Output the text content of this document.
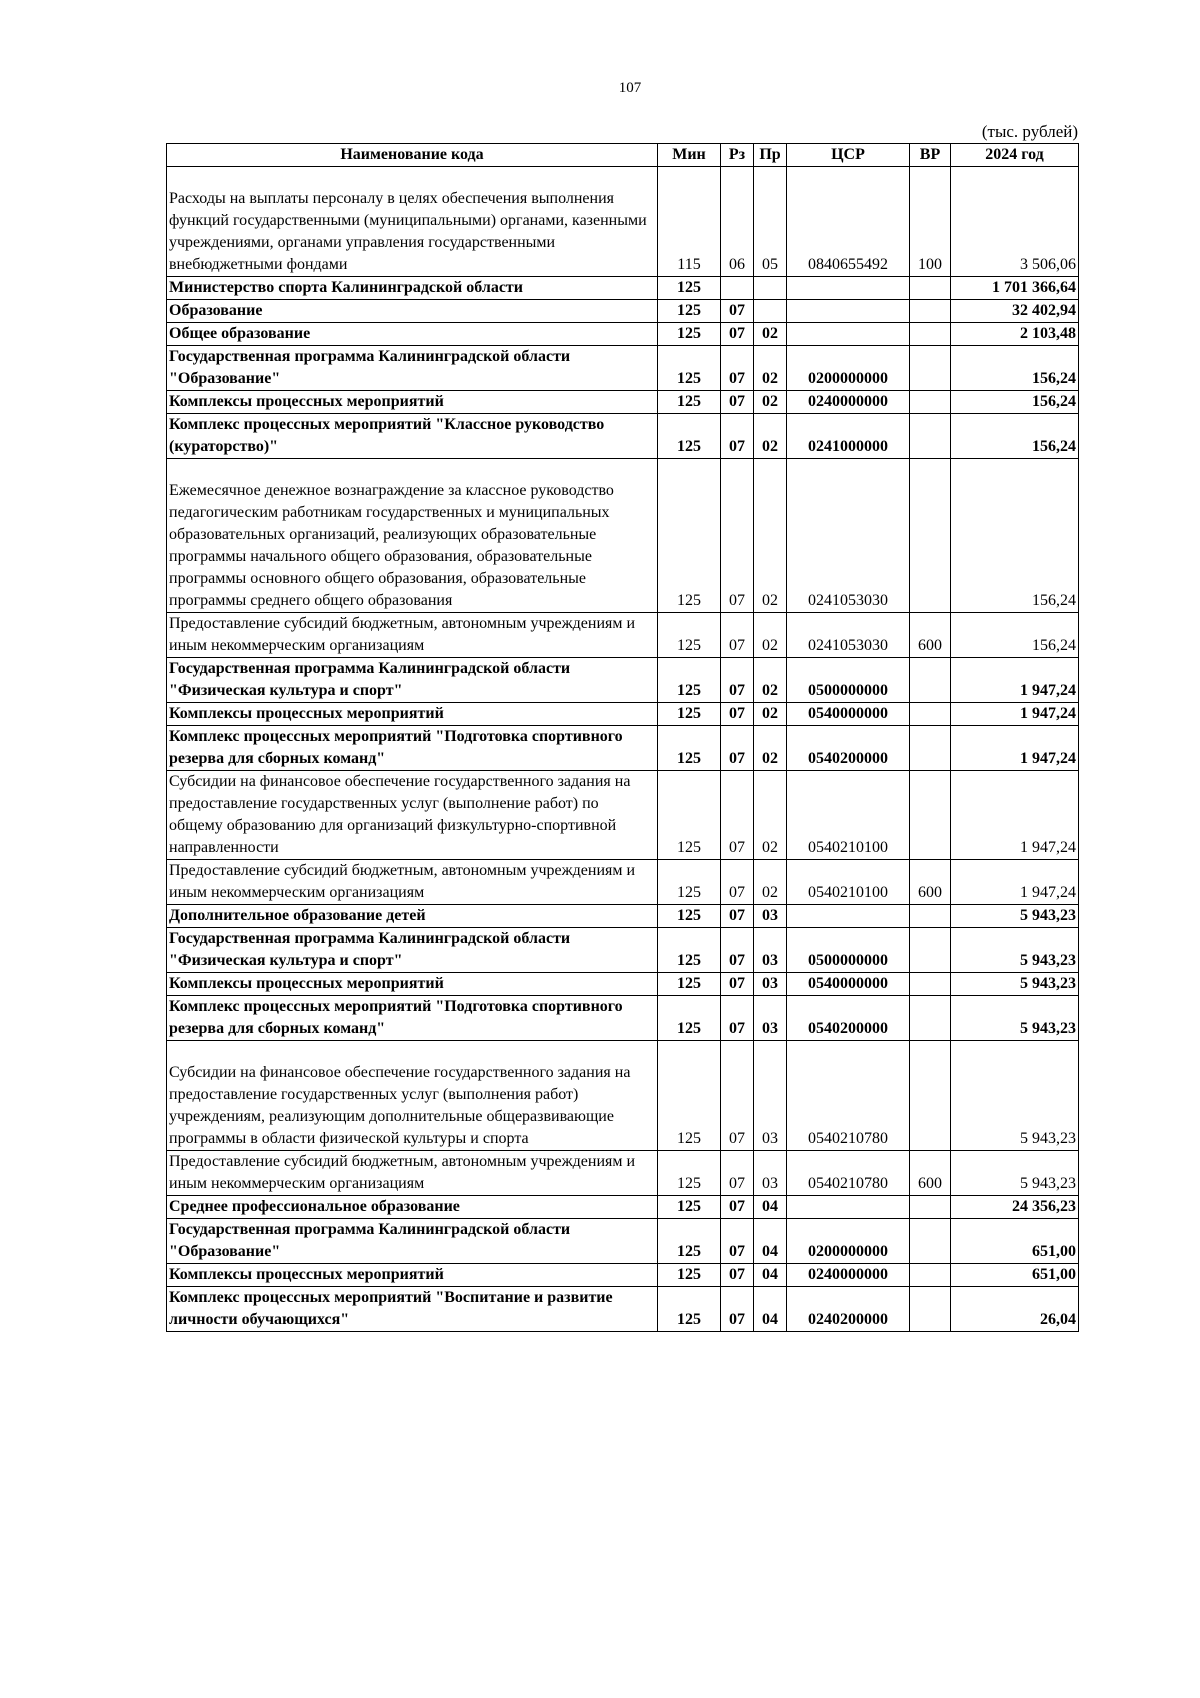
107
(тыс. рублей)
Наименование кода	Мин	Рз	Пр	ЦСР	ВР	2024 год
Расходы на выплаты персоналу в целях обеспечения выполнения функций государственными (муниципальными) органами, казенными учреждениями, органами управления государственными внебюджетными фондами	115	06	05	0840655492	100	3 506,06
Министерство спорта Калининградской области	125					1 701 366,64
Образование	125	07				32 402,94
Общее образование	125	07	02			2 103,48
Государственная программа Калининградской области "Образование"	125	07	02	0200000000		156,24
Комплексы процессных мероприятий	125	07	02	0240000000		156,24
Комплекс процессных мероприятий "Классное руководство (кураторство)"	125	07	02	0241000000		156,24
Ежемесячное денежное вознаграждение за классное руководство педагогическим работникам государственных и муниципальных образовательных организаций, реализующих образовательные программы начального общего образования, образовательные программы основного общего образования, образовательные программы среднего общего образования	125	07	02	0241053030		156,24
Предоставление субсидий бюджетным, автономным учреждениям и иным некоммерческим организациям	125	07	02	0241053030	600	156,24
Государственная программа Калининградской области "Физическая культура и спорт"	125	07	02	0500000000		1 947,24
Комплексы процессных мероприятий	125	07	02	0540000000		1 947,24
Комплекс процессных мероприятий "Подготовка спортивного резерва для сборных команд"	125	07	02	0540200000		1 947,24
Субсидии на финансовое обеспечение государственного задания на предоставление государственных услуг (выполнение работ) по общему образованию для организаций физкультурно-спортивной направленности	125	07	02	0540210100		1 947,24
Предоставление субсидий бюджетным, автономным учреждениям и иным некоммерческим организациям	125	07	02	0540210100	600	1 947,24
Дополнительное образование детей	125	07	03			5 943,23
Государственная программа Калининградской области "Физическая культура и спорт"	125	07	03	0500000000		5 943,23
Комплексы процессных мероприятий	125	07	03	0540000000		5 943,23
Комплекс процессных мероприятий "Подготовка спортивного резерва для сборных команд"	125	07	03	0540200000		5 943,23
Субсидии на финансовое обеспечение государственного задания на предоставление государственных услуг (выполнения работ) учреждениям, реализующим дополнительные общеразвивающие программы в области физической культуры и спорта	125	07	03	0540210780		5 943,23
Предоставление субсидий бюджетным, автономным учреждениям и иным некоммерческим организациям	125	07	03	0540210780	600	5 943,23
Среднее профессиональное образование	125	07	04			24 356,23
Государственная программа Калининградской области "Образование"	125	07	04	0200000000		651,00
Комплексы процессных мероприятий	125	07	04	0240000000		651,00
Комплекс процессных мероприятий "Воспитание и развитие личности обучающихся"	125	07	04	0240200000		26,04
